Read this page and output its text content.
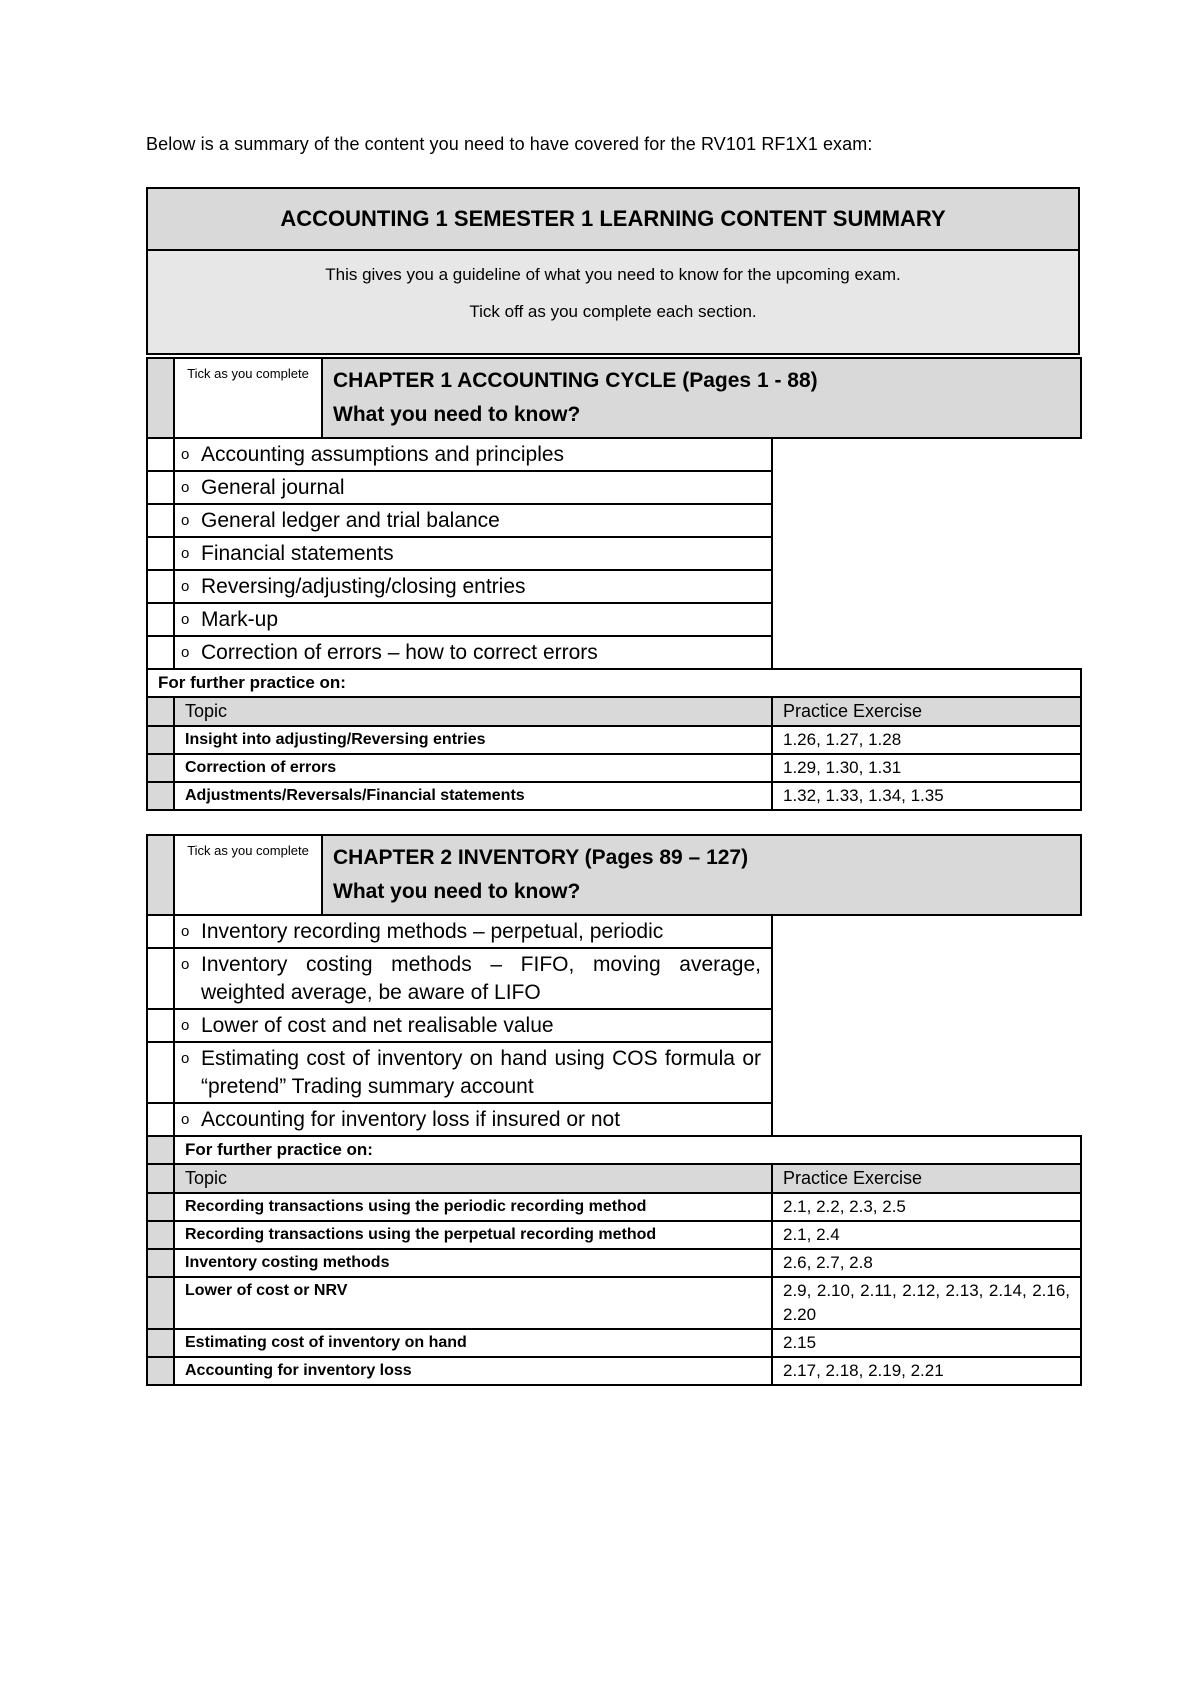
Below is a summary of the content you need to have covered for the RV101 RF1X1 exam:
ACCOUNTING 1 SEMESTER 1 LEARNING CONTENT SUMMARY

This gives you a guideline of what you need to know for the upcoming exam.
Tick off as you complete each section.
	Tick as you complete	CHAPTER 1 ACCOUNTING CYCLE (Pages 1 - 88)
What you need to know?	

	o Accounting assumptions and principles		
	o General journal		
	o General ledger and trial balance		
	o Financial statements		
	o Reversing/adjusting/closing entries		
	o Mark-up		
	o Correction of errors – how to correct errors		
For further practice on:			
	Topic		Practice Exercise
	Insight into adjusting/Reversing entries		1.26, 1.27, 1.28
	Correction of errors		1.29, 1.30, 1.31
	Adjustments/Reversals/Financial statements		1.32, 1.33, 1.34, 1.35
	Tick as you complete	CHAPTER 2 INVENTORY (Pages 89 – 127)
What you need to know?	

	o Inventory recording methods – perpetual, periodic		
	o Inventory costing methods – FIFO, moving average, weighted average, be aware of LIFO		
	o Lower of cost and net realisable value		
	o Estimating cost of inventory on hand using COS formula or “pretend” Trading summary account		
	o Accounting for inventory loss if insured or not		
	For further practice on:		
	Topic		Practice Exercise
	Recording transactions using the periodic recording method		2.1, 2.2, 2.3, 2.5
	Recording transactions using the perpetual recording method		2.1, 2.4
	Inventory costing methods		2.6, 2.7, 2.8
	Lower of cost or NRV		2.9, 2.10, 2.11, 2.12, 2.13, 2.14, 2.16, 2.20
	Estimating cost of inventory on hand		2.15
	Accounting for inventory loss		2.17, 2.18, 2.19, 2.21
